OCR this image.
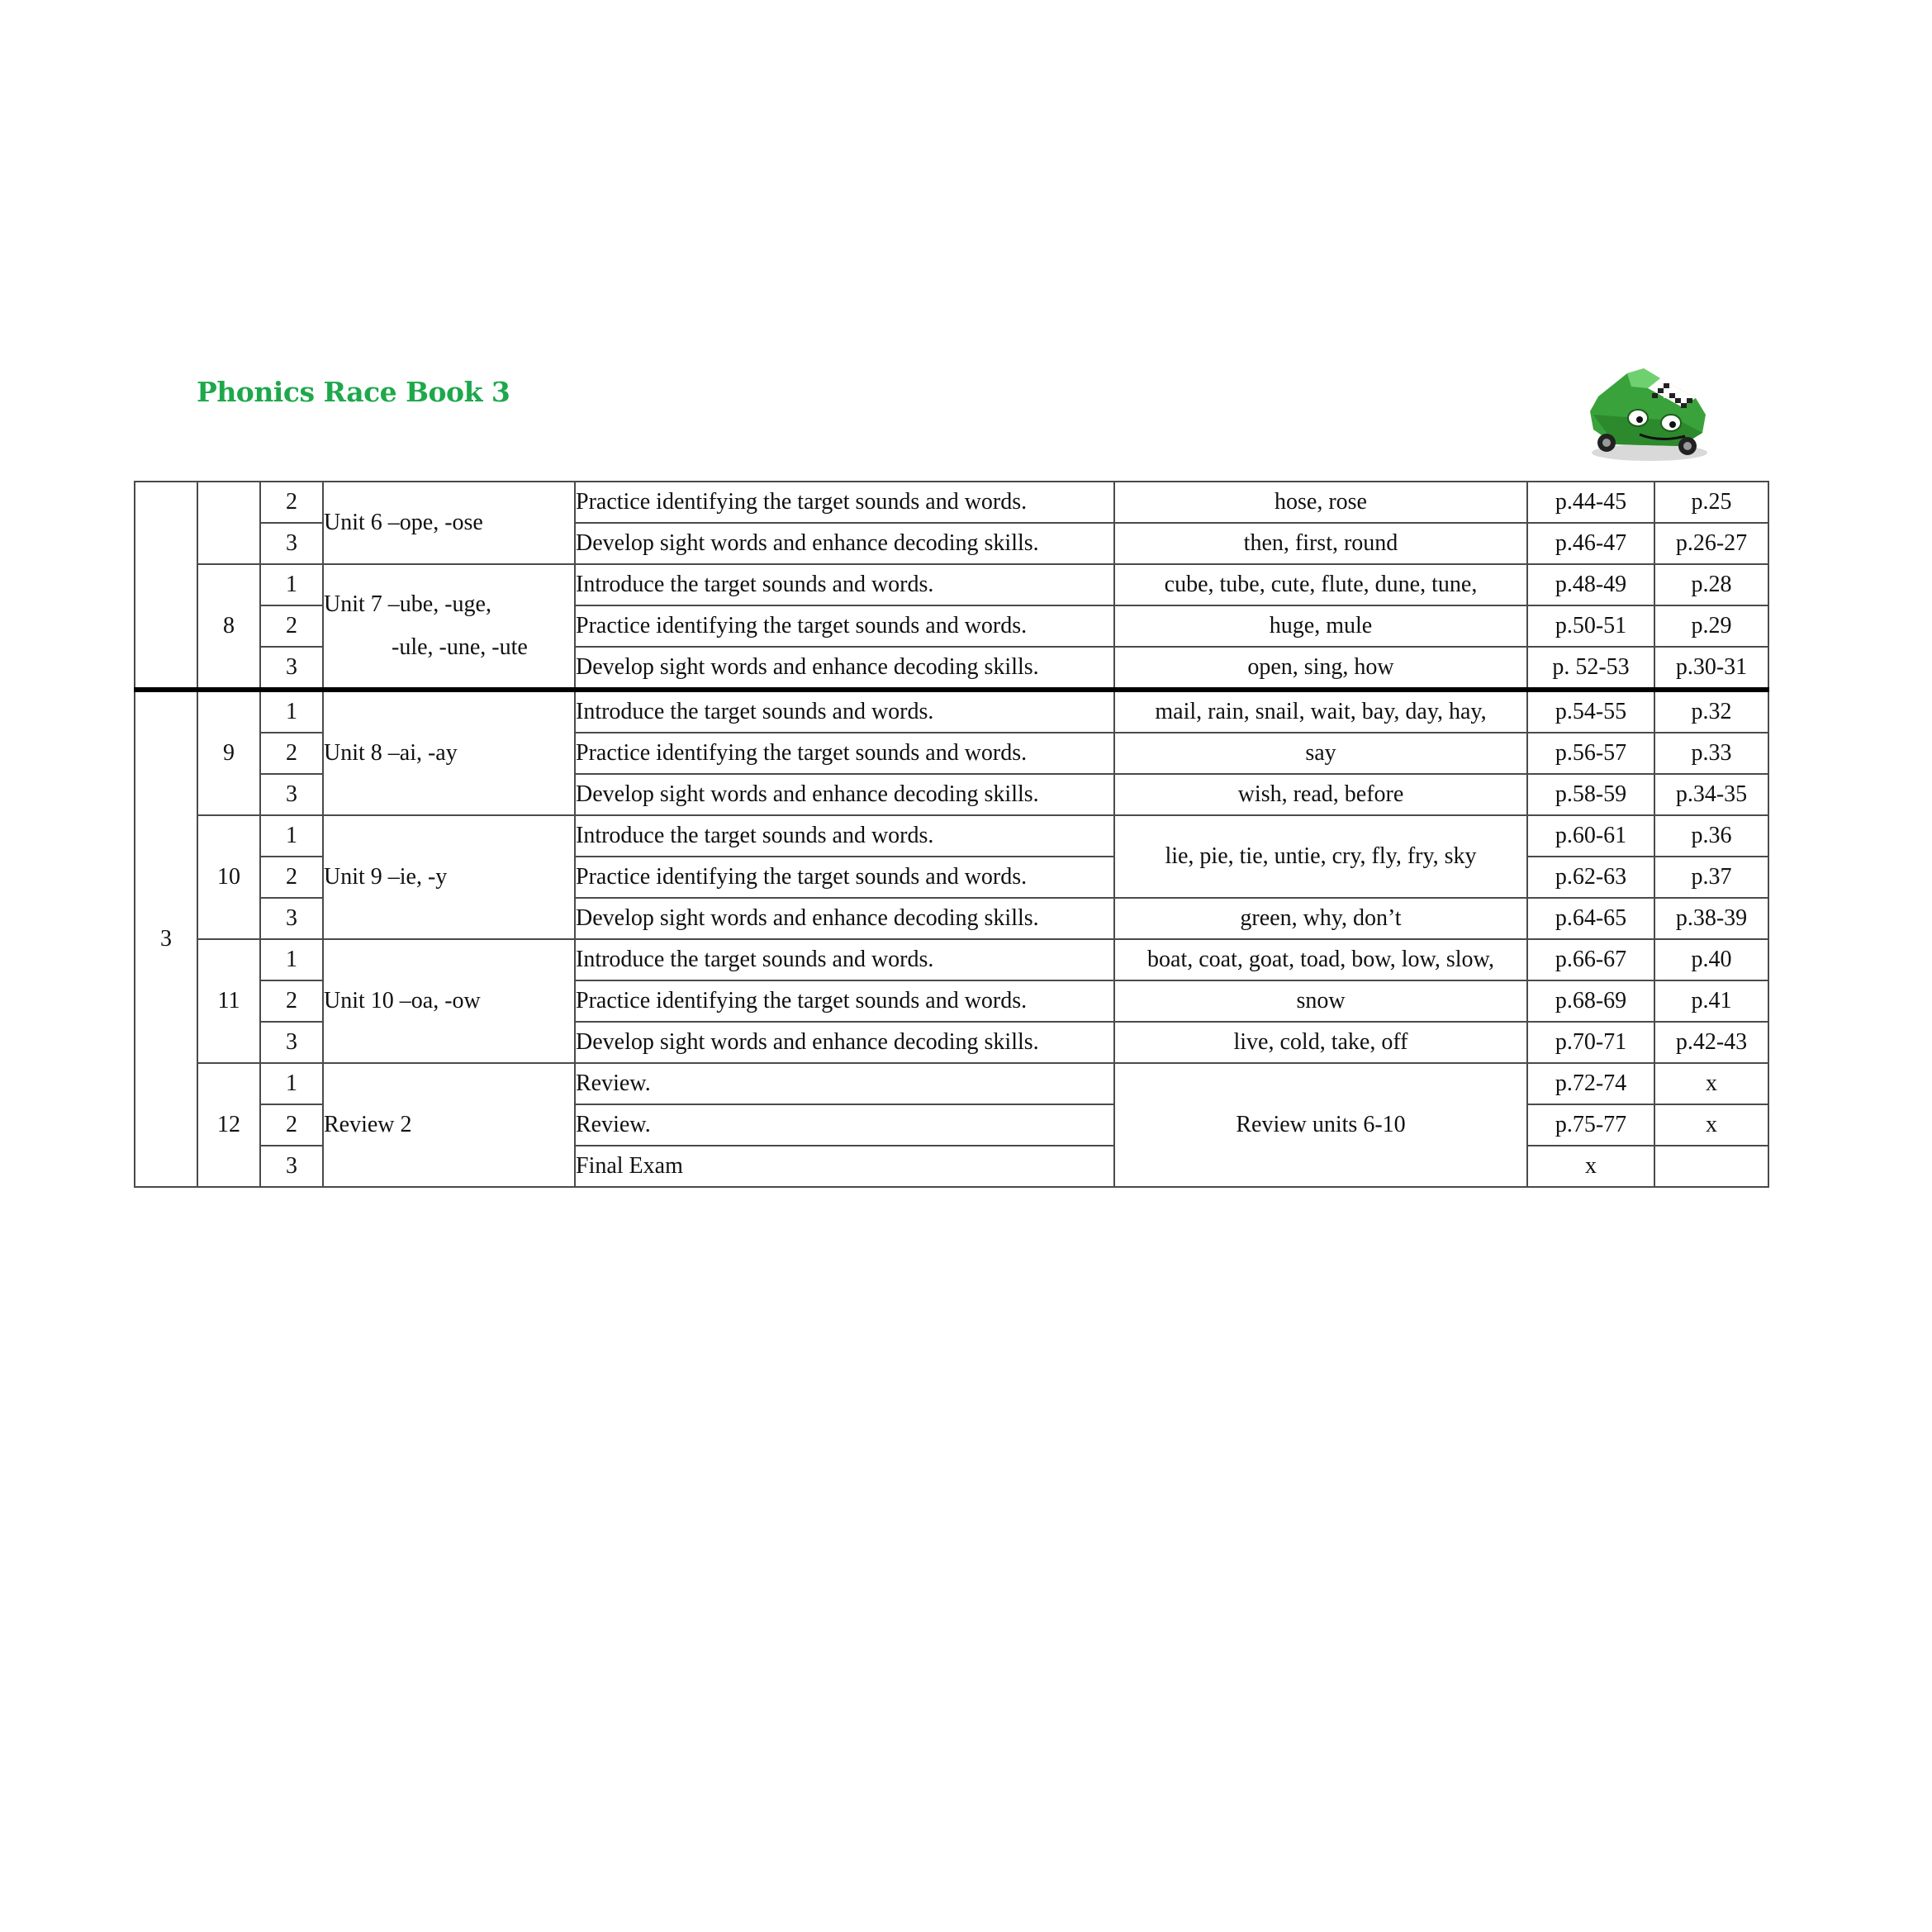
Phonics Race Book 3
		2	Unit 6 –ope, -ose	Practice identifying the target sounds and words.	hose, rose	p.44-45	p.25
		3		Develop sight words and enhance decoding skills.	then, first, round	p.46-47	p.26-27
	8	1	Unit 7 –ube, -uge,
-ule, -une, -ute	Introduce the target sounds and words.	cube, tube, cute, flute, dune, tune,	p.48-49	p.28
		2		Practice identifying the target sounds and words.	huge, mule	p.50-51	p.29
		3		Develop sight words and enhance decoding skills.	open, sing, how	p. 52-53	p.30-31
3	9	1	Unit 8 –ai, -ay	Introduce the target sounds and words.	mail, rain, snail, wait, bay, day, hay,	p.54-55	p.32
		2		Practice identifying the target sounds and words.	say	p.56-57	p.33
		3		Develop sight words and enhance decoding skills.	wish, read, before	p.58-59	p.34-35
	10	1	Unit 9 –ie, -y	Introduce the target sounds and words.	lie, pie, tie, untie, cry, fly, fry, sky	p.60-61	p.36
		2		Practice identifying the target sounds and words.		p.62-63	p.37
		3		Develop sight words and enhance decoding skills.	green, why, don’t	p.64-65	p.38-39
	11	1	Unit 10 –oa, -ow	Introduce the target sounds and words.	boat, coat, goat, toad, bow, low, slow,	p.66-67	p.40
		2		Practice identifying the target sounds and words.	snow	p.68-69	p.41
		3		Develop sight words and enhance decoding skills.	live, cold, take, off	p.70-71	p.42-43
	12	1	Review 2	Review.	Review units 6-10	p.72-74	x
		2		Review.		p.75-77	x
		3		Final Exam		x	
